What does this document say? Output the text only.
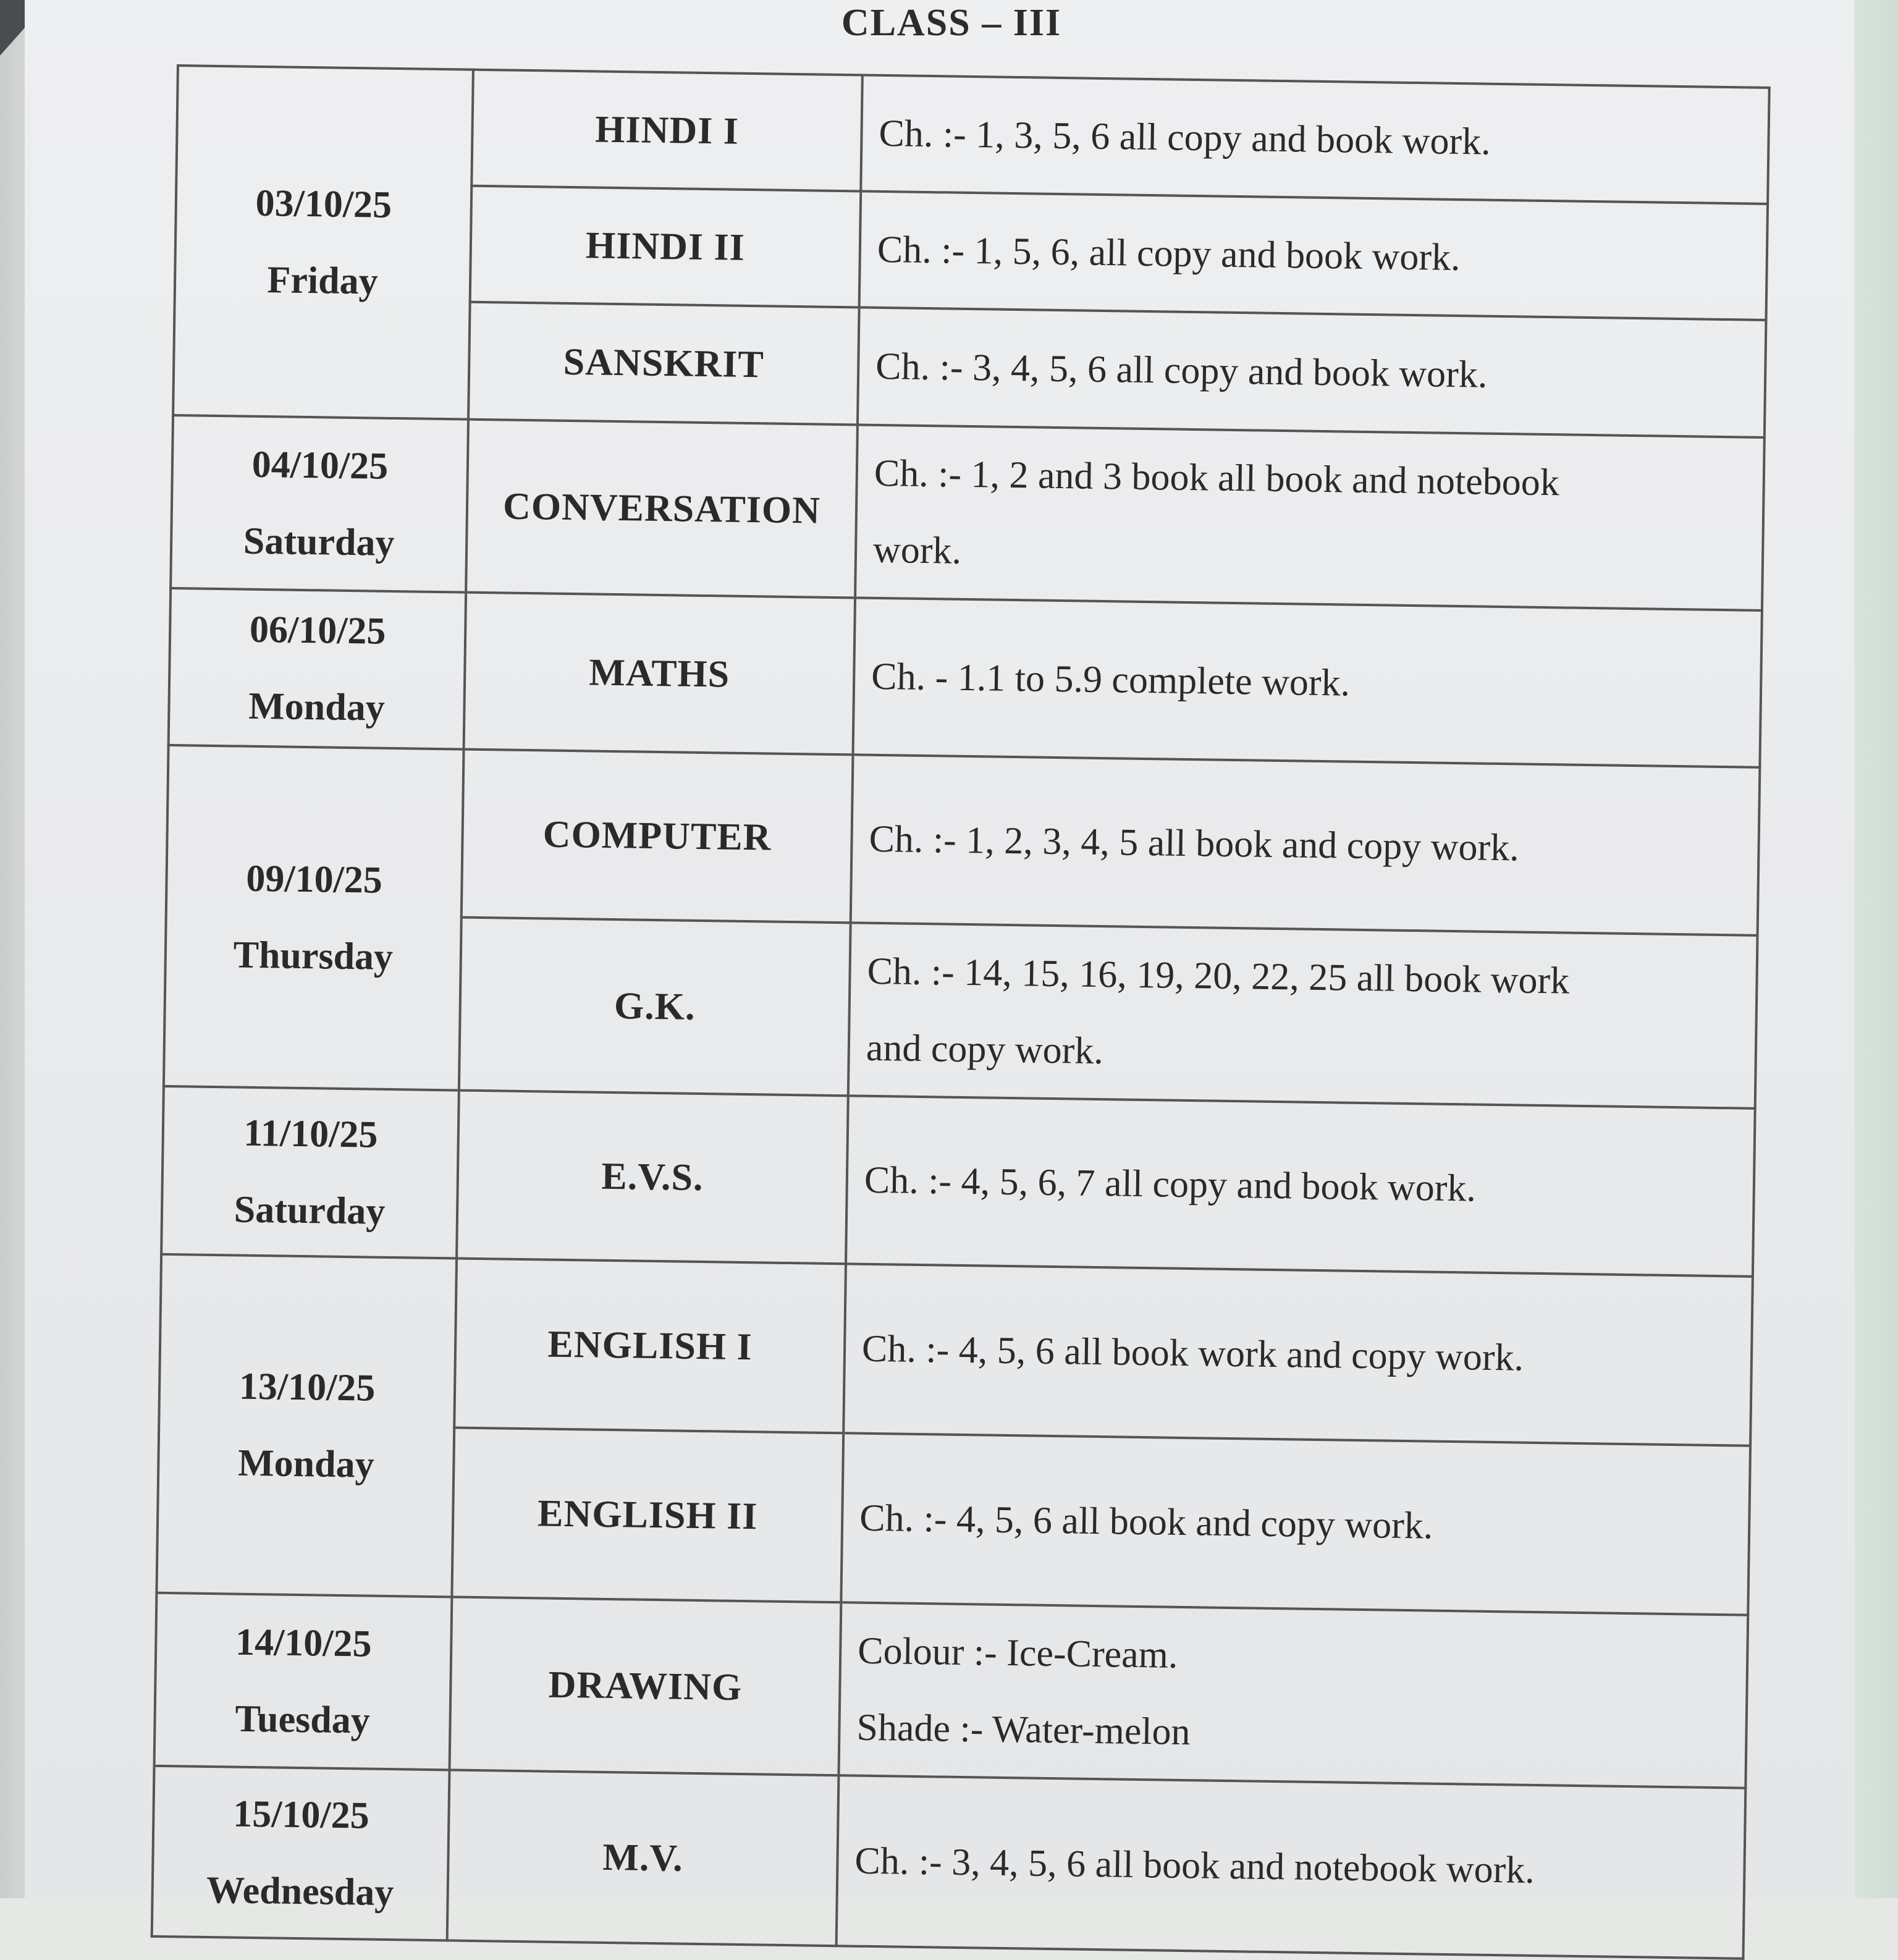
CLASS – III
03/10/25
Friday	HINDI I	Ch. :- 1, 3, 5, 6 all copy and book work.

	HINDI II	Ch. :- 1, 5, 6, all copy and book work.

	SANSKRIT	Ch. :- 3, 4, 5, 6 all copy and book work.

04/10/25
Saturday	CONVERSATION	Ch. :- 1, 2 and 3 book all book and notebook
work.

06/10/25
Monday	MATHS	Ch. - 1.1 to 5.9 complete work.

09/10/25
Thursday	COMPUTER	Ch. :- 1, 2, 3, 4, 5 all book and copy work.

	G.K.	Ch. :- 14, 15, 16, 19, 20, 22, 25 all book work
and copy work.

11/10/25
Saturday	E.V.S.	Ch. :- 4, 5, 6, 7 all copy and book work.

13/10/25
Monday	ENGLISH I	Ch. :- 4, 5, 6 all book work and copy work.

	ENGLISH II	Ch. :- 4, 5, 6 all book and copy work.

14/10/25
Tuesday	DRAWING	Colour :- Ice-Cream.
Shade :- Water-melon

15/10/25
Wednesday	M.V.	Ch. :- 3, 4, 5, 6 all book and notebook work.
